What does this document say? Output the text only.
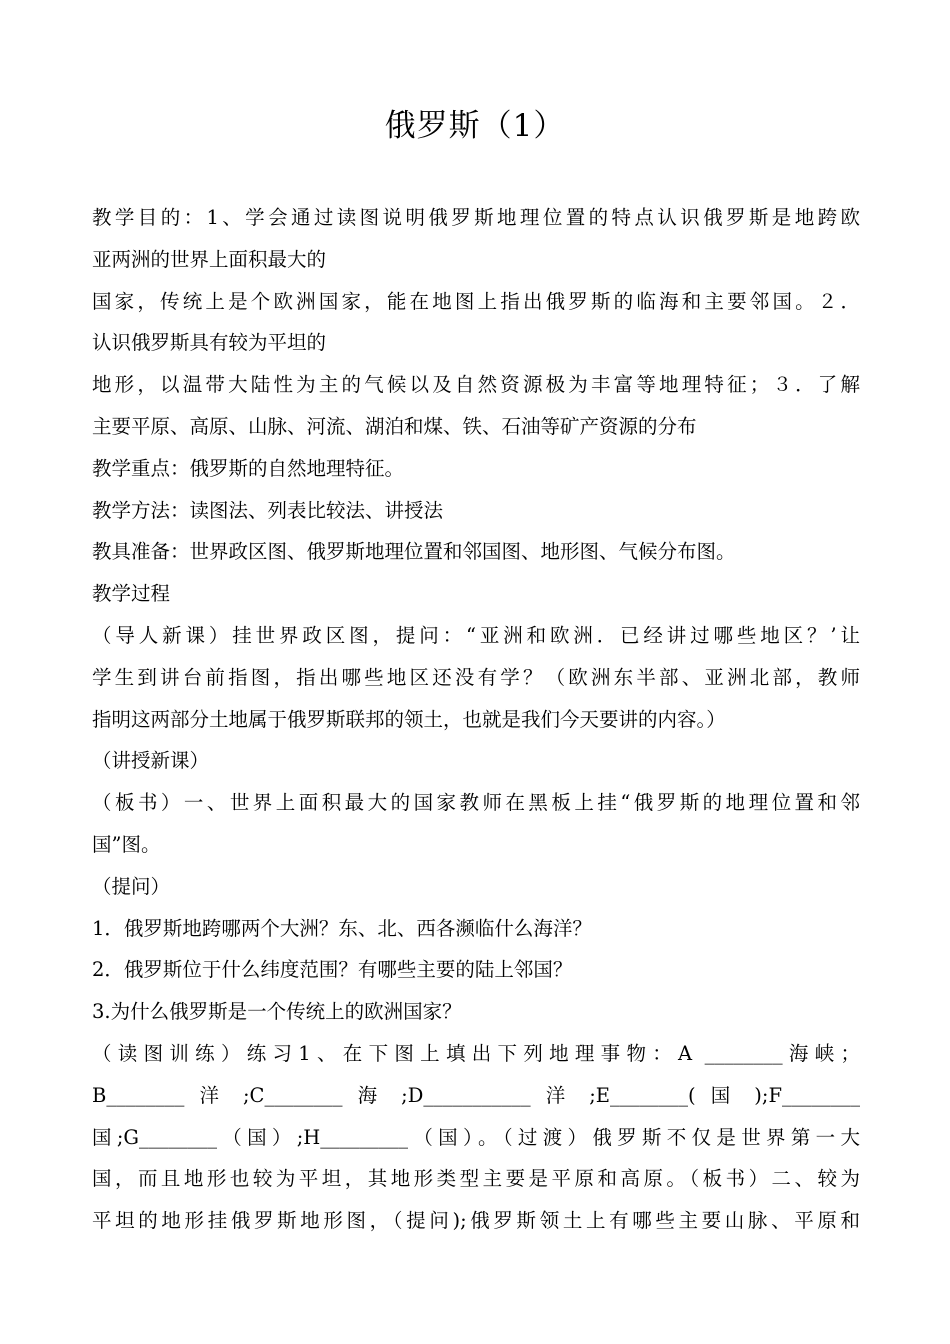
俄罗斯（1）
教学目的：1、学会通过读图说明俄罗斯地理位置的特点认识俄罗斯是地跨欧
亚两洲的世界上面积最大的
国家，传统上是个欧洲国家，能在地图上指出俄罗斯的临海和主要邻国。２．
认识俄罗斯具有较为平坦的
地形，以温带大陆性为主的气候以及自然资源极为丰富等地理特征；３．了解
主要平原、高原、山脉、河流、湖泊和煤、铁、石油等矿产资源的分布
教学重点：俄罗斯的自然地理特征。
教学方法：读图法、列表比较法、讲授法
教具准备：世界政区图、俄罗斯地理位置和邻国图、地形图、气候分布图。
教学过程
（导人新课）挂世界政区图，提问：“亚洲和欧洲．已经讲过哪些地区？’让
学生到讲台前指图，指出哪些地区还没有学？（欧洲东半部、亚洲北部，教师
指明这两部分土地属于俄罗斯联邦的领土，也就是我们今天要讲的内容。）
（讲授新课）
（板书）一、世界上面积最大的国家教师在黑板上挂“俄罗斯的地理位置和邻
国”图。
（提问）
1．俄罗斯地跨哪两个大洲？东、北、西各濒临什么海洋？
2．俄罗斯位于什么纬度范围？有哪些主要的陆上邻国？
3.为什么俄罗斯是一个传统上的欧洲国家？
（读图训练）练习1、在下图上填出下列地理事物：A ________海峡；
B________ 洋 ;C________ 海 ;D___________ 洋 ;E________( 国 );F________
国;G________（国）;H_________（国）。（过渡）俄罗斯不仅是世界第一大
国，而且地形也较为平坦，其地形类型主要是平原和高原。（板书）二、较为
平坦的地形挂俄罗斯地形图，（提问);俄罗斯领土上有哪些主要山脉、平原和
